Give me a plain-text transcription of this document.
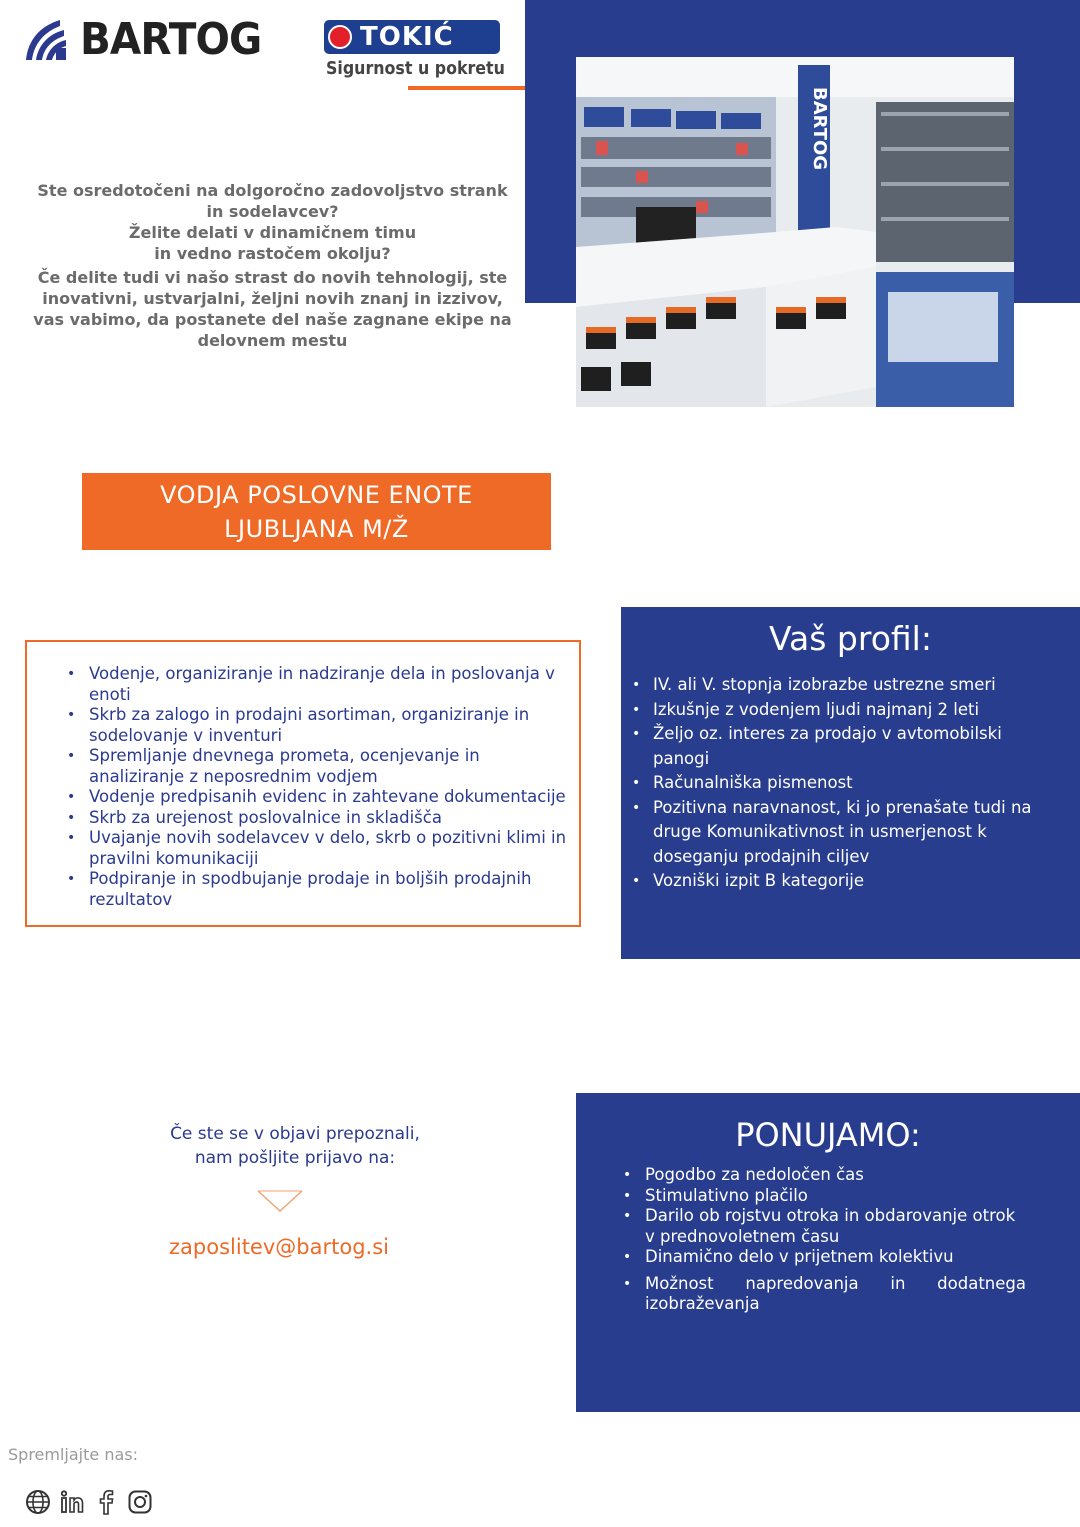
BARTOG	TOKIĆ
Sigurnost u pokretu
BARTOG

Ste osredotočeni na dolgoročno zadovoljstvo strank in sodelavcev?

Želite delati v dinamičnem timu

in vedno rastočem okolju?

Če delite tudi vi našo strast do novih tehnologij, ste inovativni, ustvarjalni, željni novih znanj in izzivov, vas vabimo, da postanete del naše zagnane ekipe na delovnem mestu

VODJA POSLOVNE ENOTE
LJUBLJANA M/Ž
• Vodenje, organiziranje in nadziranje dela in poslovanja v enoti
• Skrb za zalogo in prodajni asortiman, organiziranje in sodelovanje v inventuri
• Spremljanje dnevnega prometa, ocenjevanje in analiziranje z neposrednim vodjem
• Vodenje predpisanih evidenc in zahtevane dokumentacije
• Skrb za urejenost poslovalnice in skladišča
• Uvajanje novih sodelavcev v delo, skrb o pozitivni klimi in pravilni komunikaciji
• Podpiranje in spodbujanje prodaje in boljših prodajnih rezultatov
Vaš profil:
• IV. ali V. stopnja izobrazbe ustrezne smeri
• Izkušnje z vodenjem ljudi najmanj 2 leti
• Željo oz. interes za prodajo v avtomobilski panogi
• Računalniška pismenost
• Pozitivna naravnanost, ki jo prenašate tudi na druge Komunikativnost in usmerjenost k doseganju prodajnih ciljev
• Vozniški izpit B kategorije
Če ste se v objavi prepoznali,
nam pošljite prijavo na:
zaposlitev@bartog.si
PONUJAMO:
• Pogodbo za nedoločen čas
• Stimulativno plačilo
• Darilo ob rojstvu otroka in obdarovanje otrok v prednovoletnem času
• Dinamično delo v prijetnem kolektivu
• Možnost napredovanja in dodatnega izobraževanja
Spremljajte nas:
